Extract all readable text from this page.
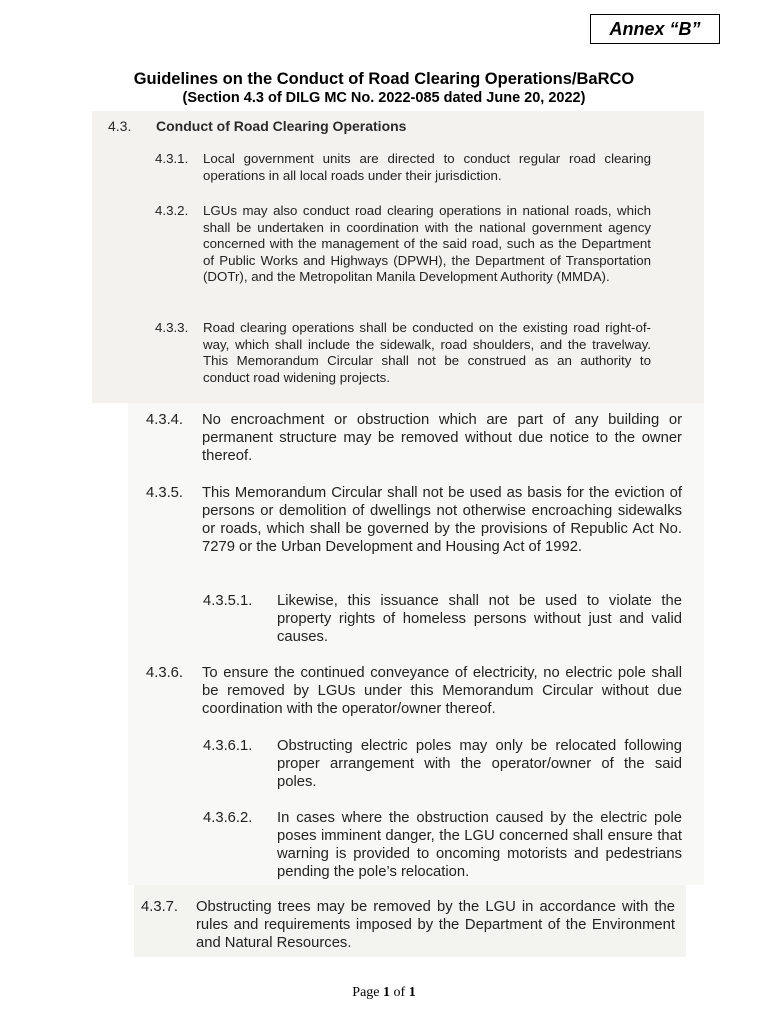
Annex “B”
Guidelines on the Conduct of Road Clearing Operations/BaRCO
(Section 4.3 of DILG MC No. 2022-085 dated June 20, 2022)
4.3. Conduct of Road Clearing Operations
4.3.1.	Local government units are directed to conduct regular road clearing operations in all local roads under their jurisdiction.
4.3.2.	LGUs may also conduct road clearing operations in national roads, which shall be undertaken in coordination with the national government agency concerned with the management of the said road, such as the Department of Public Works and Highways (DPWH), the Department of Transportation (DOTr), and the Metropolitan Manila Development Authority (MMDA).
4.3.3.	Road clearing operations shall be conducted on the existing road right-of-way, which shall include the sidewalk, road shoulders, and the travelway. This Memorandum Circular shall not be construed as an authority to conduct road widening projects.
4.3.4.	No encroachment or obstruction which are part of any building or permanent structure may be removed without due notice to the owner thereof.
4.3.5.	This Memorandum Circular shall not be used as basis for the eviction of persons or demolition of dwellings not otherwise encroaching sidewalks or roads, which shall be governed by the provisions of Republic Act No. 7279 or the Urban Development and Housing Act of 1992.
4.3.5.1.	Likewise, this issuance shall not be used to violate the property rights of homeless persons without just and valid causes.
4.3.6.	To ensure the continued conveyance of electricity, no electric pole shall be removed by LGUs under this Memorandum Circular without due coordination with the operator/owner thereof.
4.3.6.1.	Obstructing electric poles may only be relocated following proper arrangement with the operator/owner of the said poles.
4.3.6.2.	In cases where the obstruction caused by the electric pole poses imminent danger, the LGU concerned shall ensure that warning is provided to oncoming motorists and pedestrians pending the pole’s relocation.
4.3.7.	Obstructing trees may be removed by the LGU in accordance with the rules and requirements imposed by the Department of the Environment and Natural Resources.
Page 1 of 1
